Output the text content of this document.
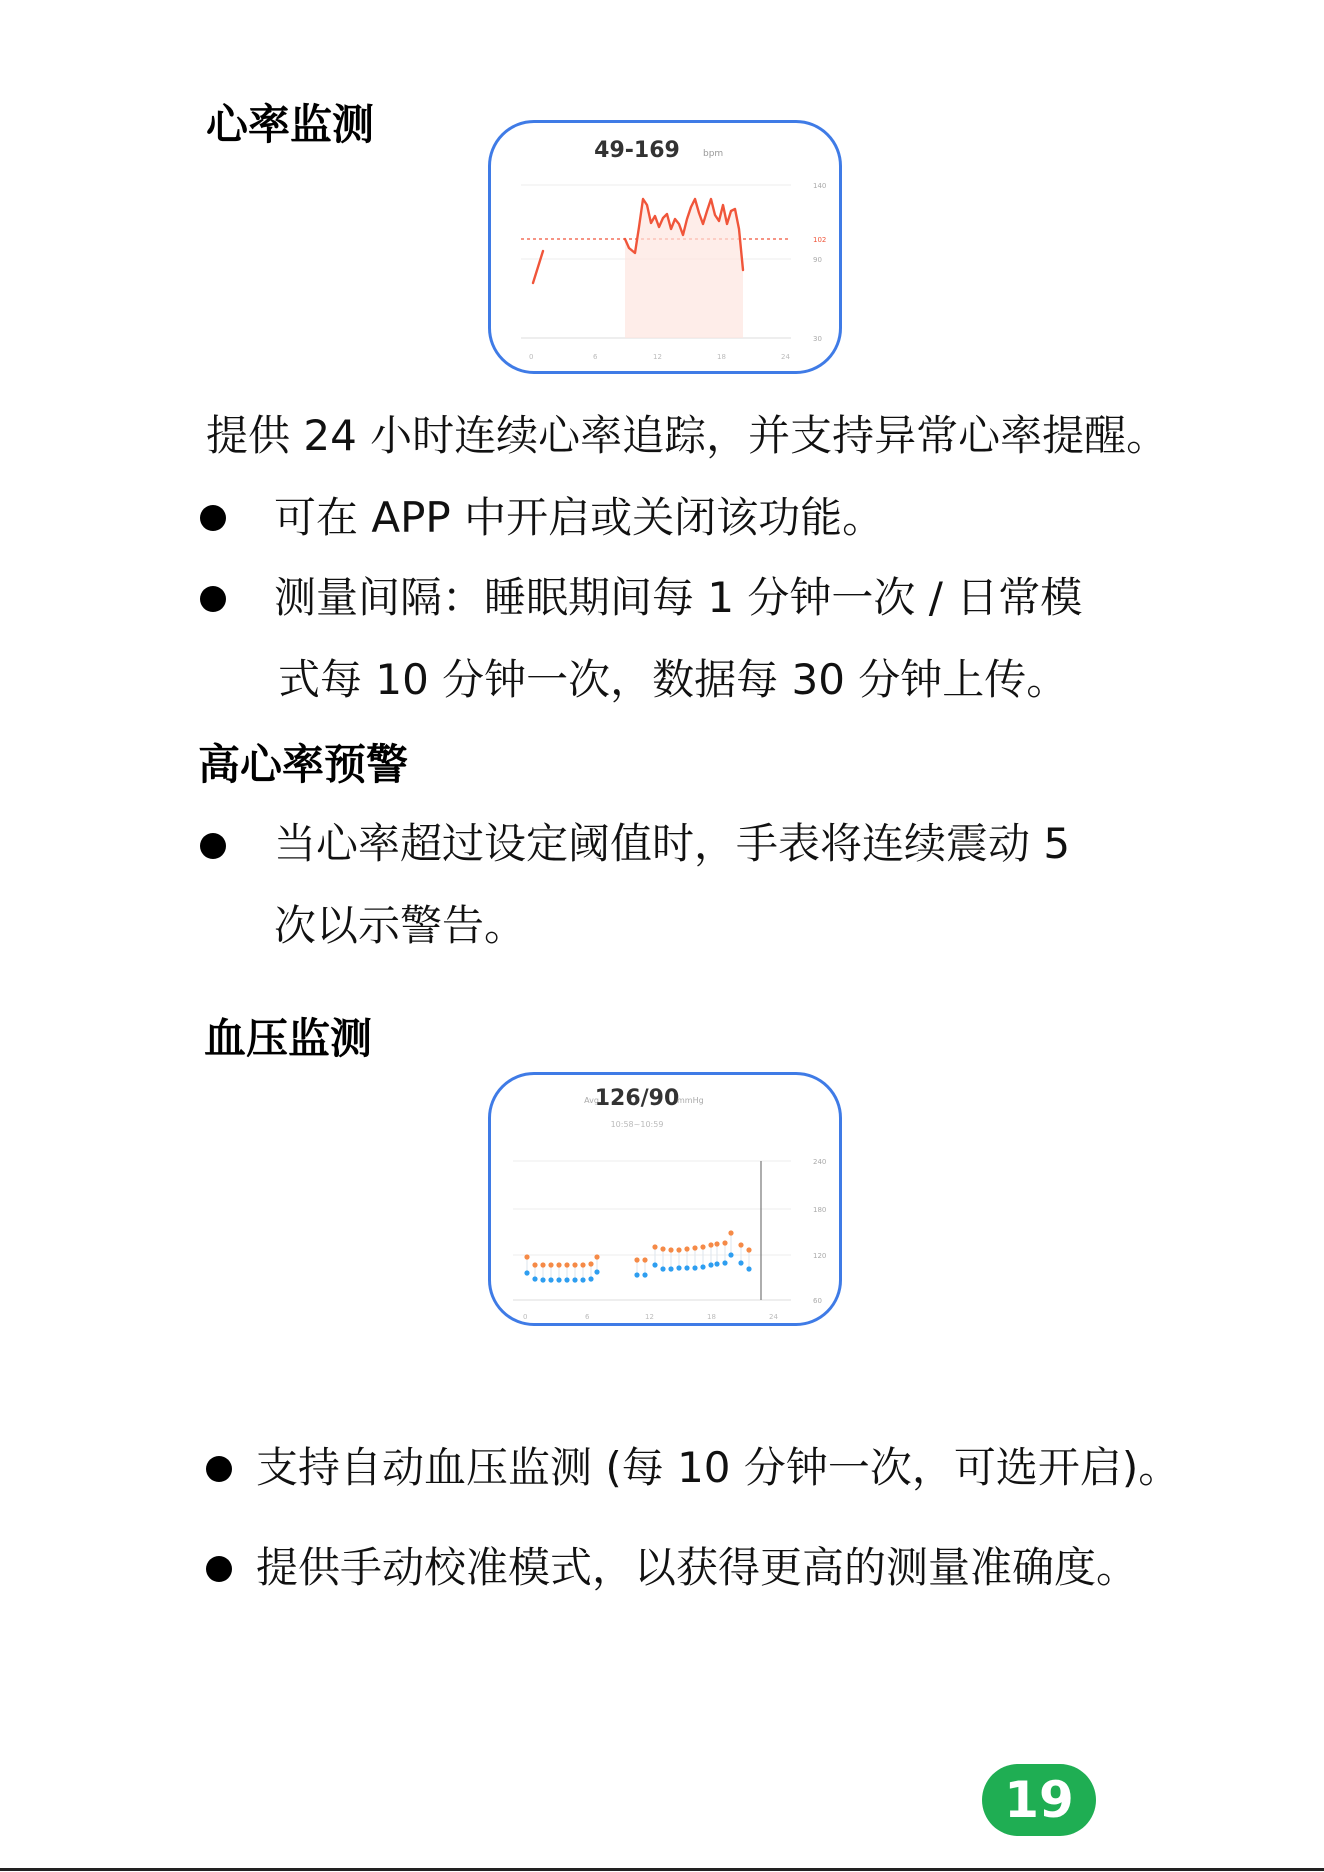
心率监测
49-169	bpm
140
102
90
30
0	6	12	18	24
提供 24 小时连续心率追踪，并支持异常心率提醒。
可在 APP 中开启或关闭该功能。
测量间隔：睡眠期间每 1 分钟一次 / 日常模
式每 10 分钟一次，数据每 30 分钟上传。
高心率预警
当心率超过设定阈值时，手表将连续震动 5
次以示警告。
血压监测
Avg
126/90
mmHg
10:58~10:59
240
180
120
60
0	6	12	18	24
支持自动血压监测 (每 10 分钟一次，可选开启)。
提供手动校准模式，以获得更高的测量准确度。
19
